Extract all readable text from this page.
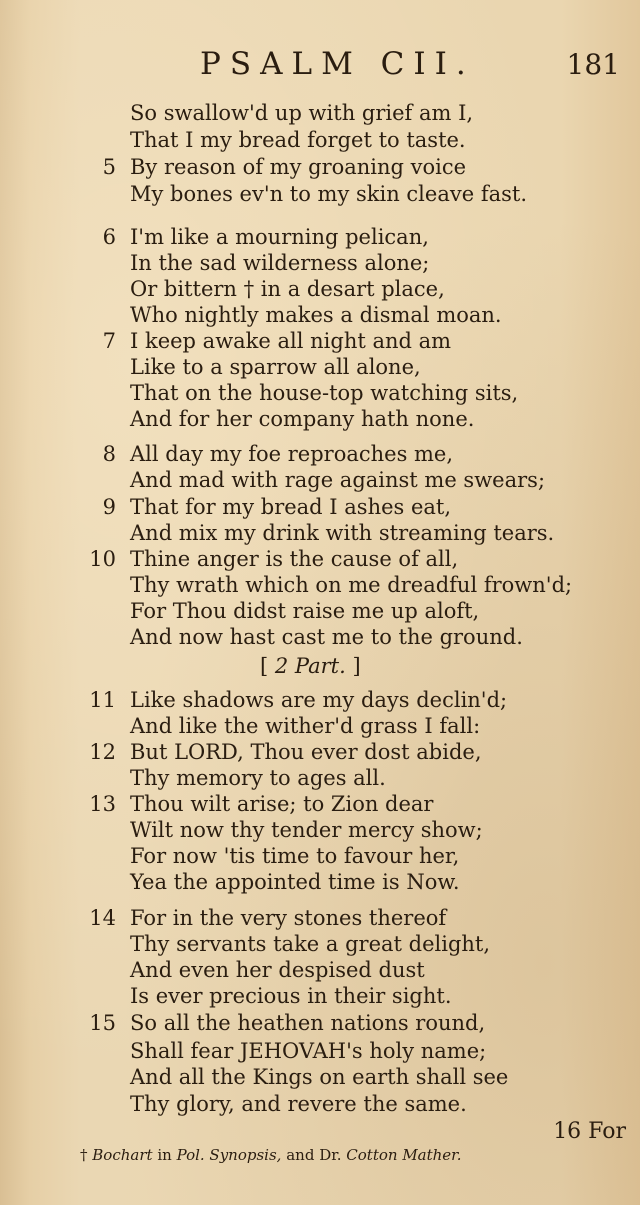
PSALM CII.	181
So swallow'd up with grief am I,
That I my bread forget to taste.
5 By reason of my groaning voice
My bones ev'n to my skin cleave fast.
6 I'm like a mourning pelican,
In the sad wilderness alone;
Or bittern † in a desart place,
Who nightly makes a dismal moan.
7 I keep awake all night and am
Like to a sparrow all alone,
That on the house-top watching sits,
And for her company hath none.
8 All day my foe reproaches me,
And mad with rage against me swears;
9 That for my bread I ashes eat,
And mix my drink with streaming tears.
10 Thine anger is the cause of all,
Thy wrath which on me dreadful frown'd;
For Thou didst raise me up aloft,
And now hast cast me to the ground.
[ 2 Part. ]
11 Like shadows are my days declin'd;
And like the wither'd grass I fall:
12 But LORD, Thou ever dost abide,
Thy memory to ages all.
13 Thou wilt arise; to Zion dear
Wilt now thy tender mercy show;
For now 'tis time to favour her,
Yea the appointed time is Now.
14 For in the very stones thereof
Thy servants take a great delight,
And even her despised dust
Is ever precious in their sight.
15 So all the heathen nations round,
Shall fear JEHOVAH's holy name;
And all the Kings on earth shall see
Thy glory, and revere the same.
16 For
† Bochart in Pol. Synopsis, and Dr. Cotton Mather.
